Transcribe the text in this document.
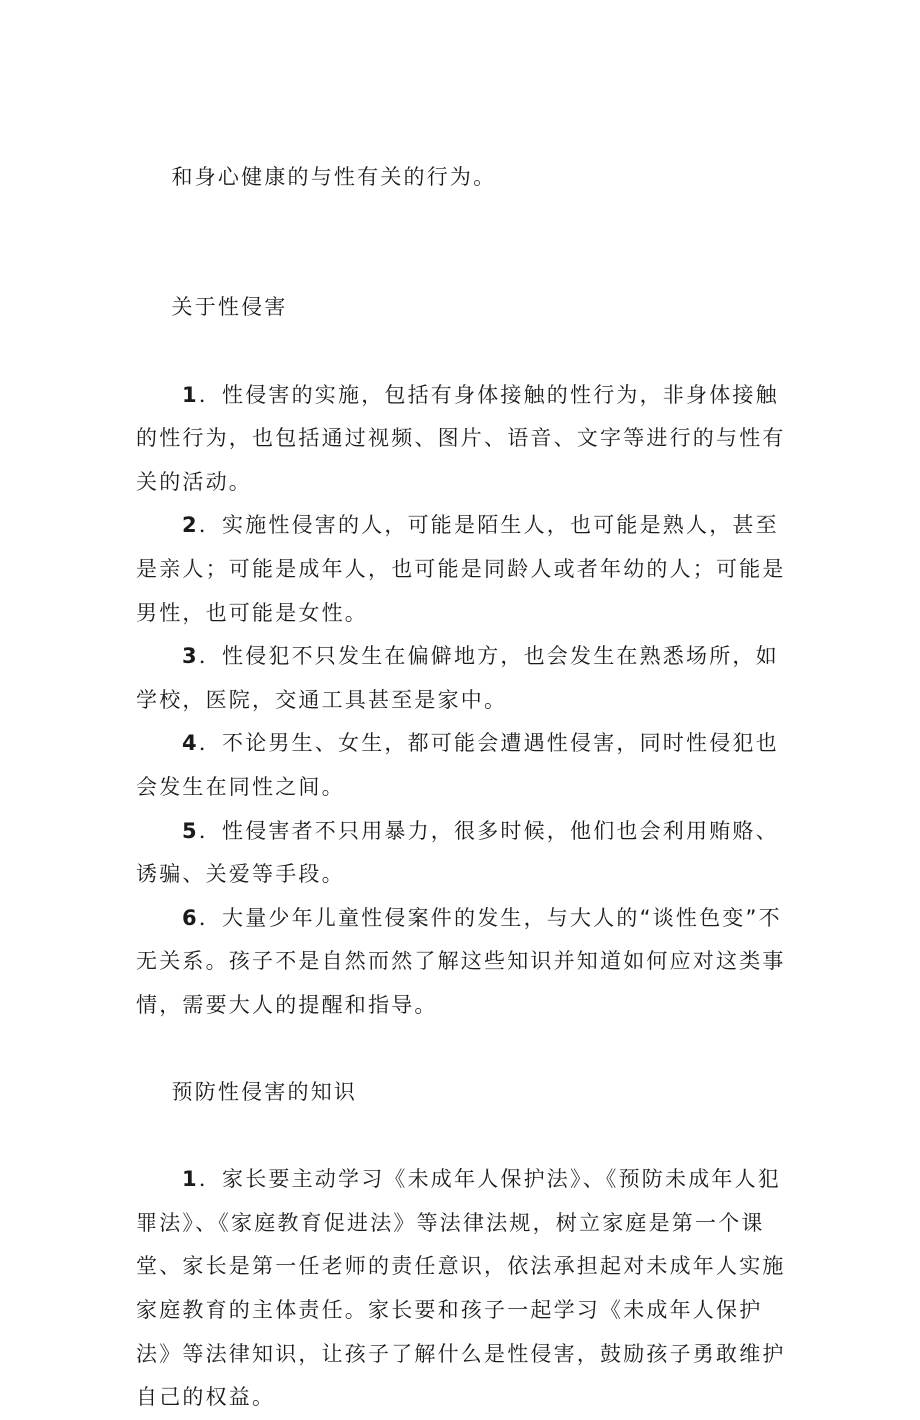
和身心健康的与性有关的行为。

关于性侵害

1．性侵害的实施，包括有身体接触的性行为，非身体接触的性行为，也包括通过视频、图片、语音、文字等进行的与性有关的活动。

2．实施性侵害的人，可能是陌生人，也可能是熟人，甚至是亲人；可能是成年人，也可能是同龄人或者年幼的人；可能是男性，也可能是女性。

3．性侵犯不只发生在偏僻地方，也会发生在熟悉场所，如学校，医院，交通工具甚至是家中。

4．不论男生、女生，都可能会遭遇性侵害，同时性侵犯也会发生在同性之间。

5．性侵害者不只用暴力，很多时候，他们也会利用贿赂、诱骗、关爱等手段。

6．大量少年儿童性侵案件的发生，与大人的“谈性色变”不无关系。孩子不是自然而然了解这些知识并知道如何应对这类事情，需要大人的提醒和指导。

预防性侵害的知识

1．家长要主动学习《未成年人保护法》、《预防未成年人犯罪法》、《家庭教育促进法》等法律法规，树立家庭是第一个课堂、家长是第一任老师的责任意识，依法承担起对未成年人实施家庭教育的主体责任。家长要和孩子一起学习《未成年人保护法》等法律知识，让孩子了解什么是性侵害，鼓励孩子勇敢维护自己的权益。
